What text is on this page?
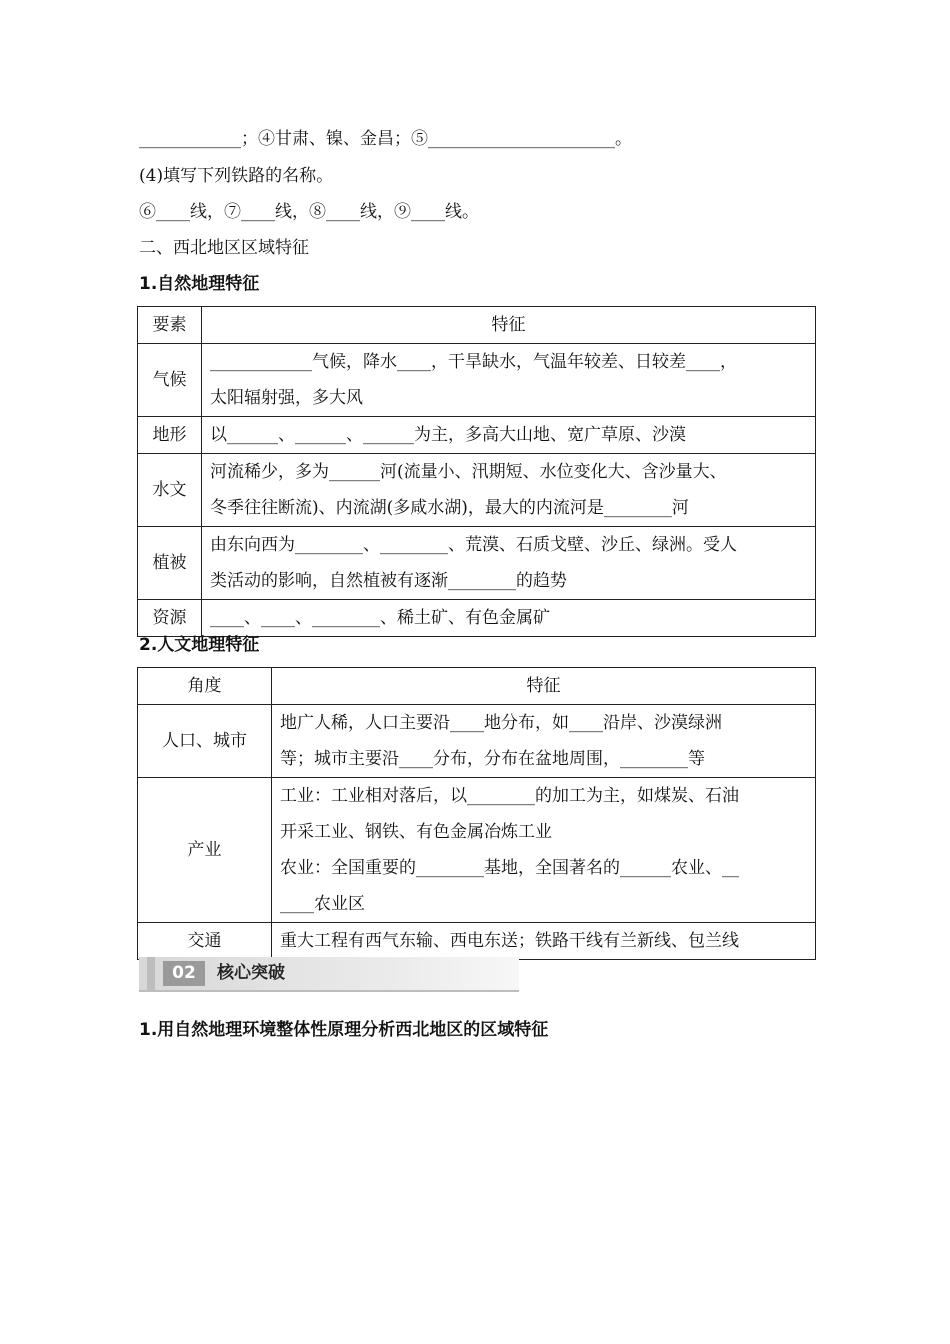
____________；④甘肃、镍、金昌；⑤______________________。
(4)填写下列铁路的名称。
⑥____线，⑦____线，⑧____线，⑨____线。
二、西北地区区域特征
1.自然地理特征
要素	特征
气候	____________气候，降水____，干旱缺水，气温年较差、日较差____，
太阳辐射强，多大风

地形	以______、______、______为主，多高大山地、宽广草原、沙漠

水文	河流稀少，多为______河(流量小、汛期短、水位变化大、含沙量大、
冬季往往断流)、内流湖(多咸水湖)，最大的内流河是________河

植被	由东向西为________、________、荒漠、石质戈壁、沙丘、绿洲。受人
类活动的影响，自然植被有逐渐________的趋势

资源	____、____、________、稀土矿、有色金属矿
2.人文地理特征
角度	特征
人口、城市	地广人稀，人口主要沿____地分布，如____沿岸、沙漠绿洲
等；城市主要沿____分布，分布在盆地周围，________等

产业	工业：工业相对落后，以________的加工为主，如煤炭、石油
开采工业、钢铁、有色金属冶炼工业
农业：全国重要的________基地，全国著名的______农业、__
____农业区

交通	重大工程有西气东输、西电东送；铁路干线有兰新线、包兰线
02	核心突破
1.用自然地理环境整体性原理分析西北地区的区域特征
